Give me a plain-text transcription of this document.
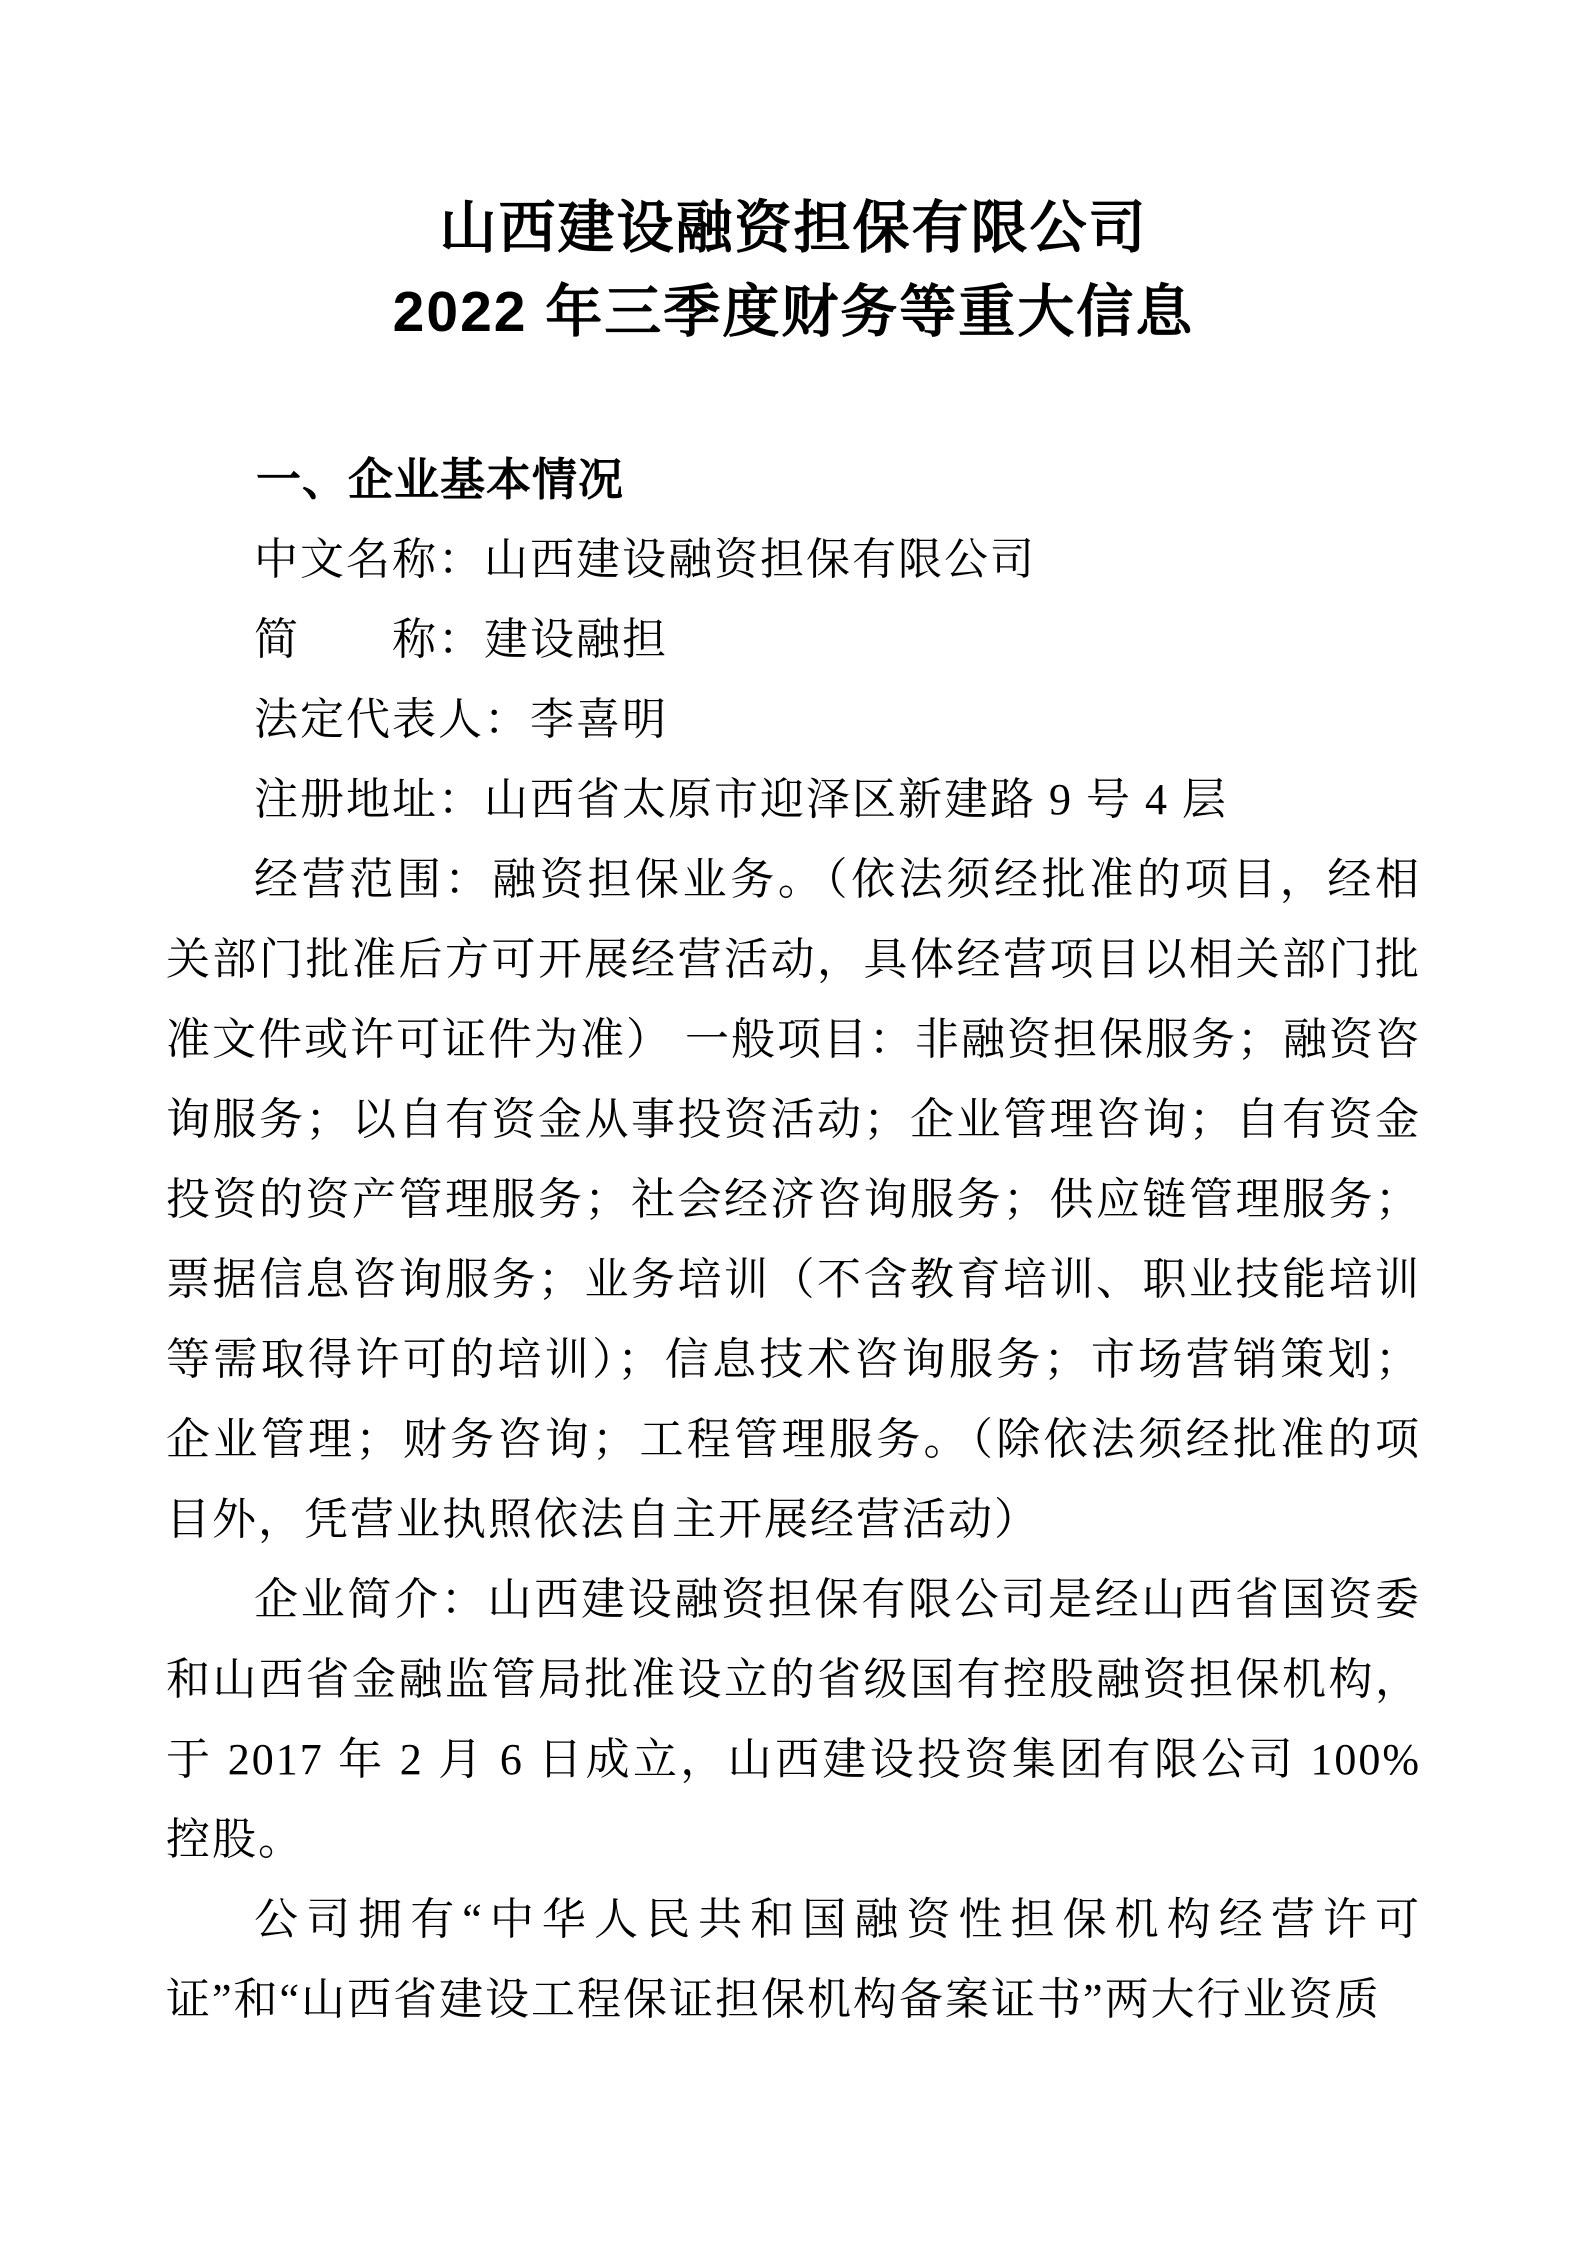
山西建设融资担保有限公司
2022 年三季度财务等重大信息
一、企业基本情况

中文名称：山西建设融资担保有限公司

简　　称：建设融担

法定代表人：李喜明

注册地址：山西省太原市迎泽区新建路 9 号 4 层

经营范围：融资担保业务。（依法须经批准的项目，经相关部门批准后方可开展经营活动，具体经营项目以相关部门批准文件或许可证件为准） 一般项目：非融资担保服务；融资咨询服务；以自有资金从事投资活动；企业管理咨询；自有资金投资的资产管理服务；社会经济咨询服务；供应链管理服务；票据信息咨询服务；业务培训（不含教育培训、职业技能培训等需取得许可的培训）；信息技术咨询服务；市场营销策划；企业管理；财务咨询；工程管理服务。（除依法须经批准的项目外，凭营业执照依法自主开展经营活动）

企业简介：山西建设融资担保有限公司是经山西省国资委和山西省金融监管局批准设立的省级国有控股融资担保机构，于 2017 年 2 月 6 日成立，山西建设投资集团有限公司 100%控股。

公司拥有“中华人民共和国融资性担保机构经营许可证”和“山西省建设工程保证担保机构备案证书”两大行业资质
